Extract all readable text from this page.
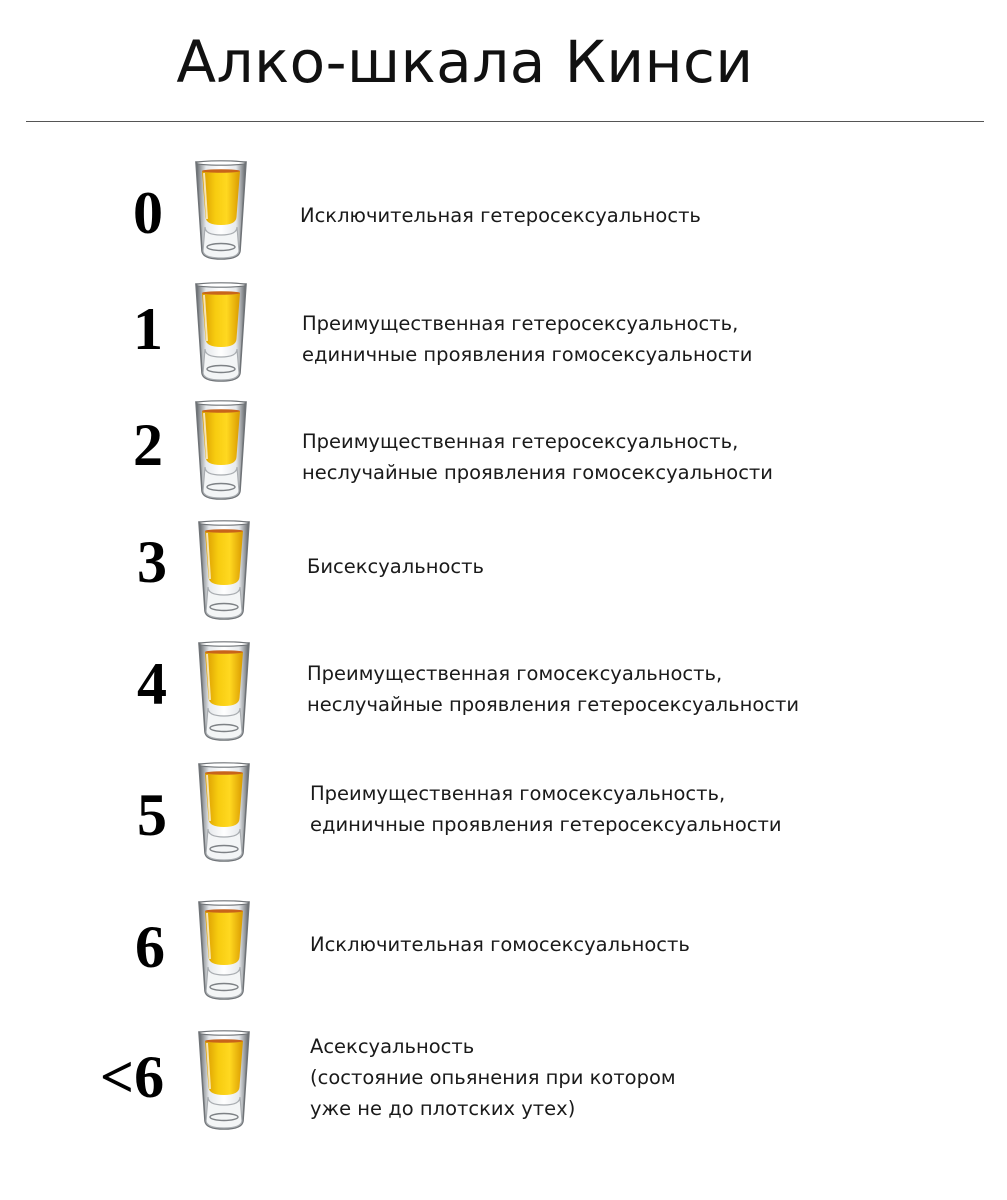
Алко-шкала Кинси
0	Исключительная гетеросексуальность
1	Преимущественная гетеросексуальность,
единичные проявления гомосексуальности
2	Преимущественная гетеросексуальность,
неслучайные проявления гомосексуальности
3	Бисексуальность
4	Преимущественная гомосексуальность,
неслучайные проявления гетеросексуальности
5	Преимущественная гомосексуальность,
единичные проявления гетеросексуальности
6	Исключительная гомосексуальность
<6	Асексуальность
(состояние опьянения при котором
уже не до плотских утех)
